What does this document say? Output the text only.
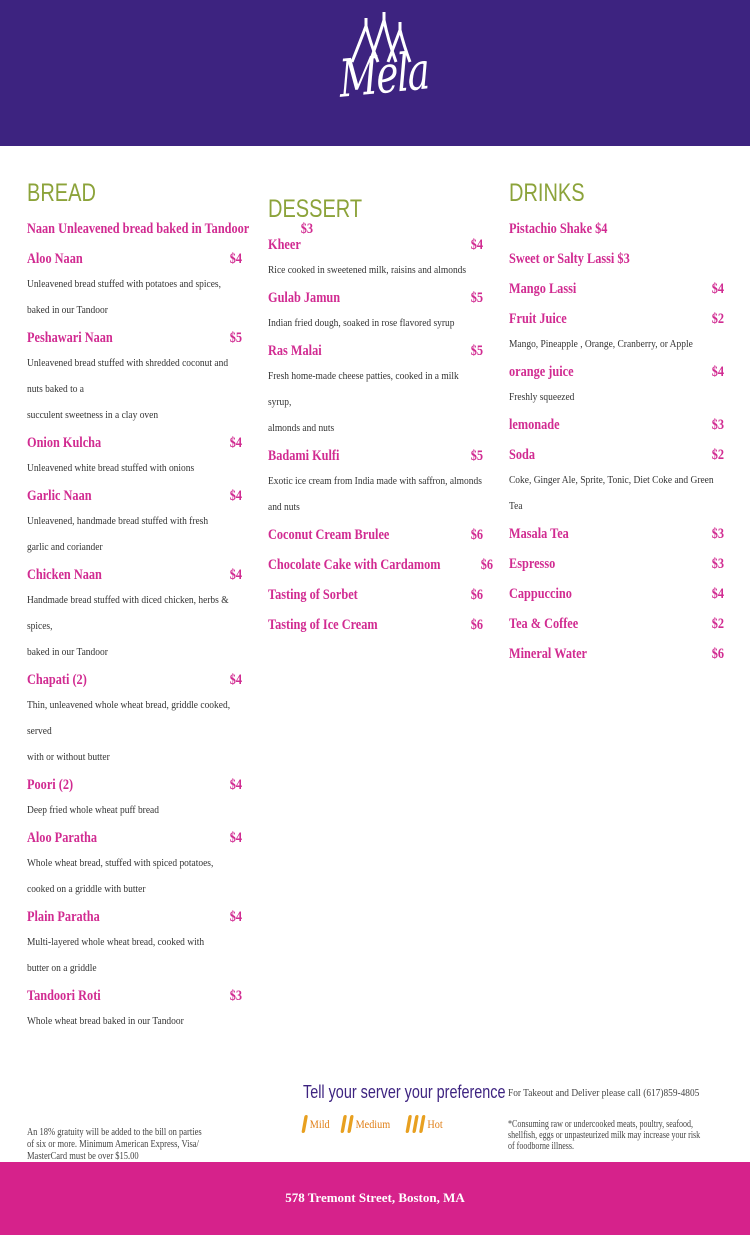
Mela
BREAD
Naan Unleavened bread baked in Tandoor	$3
Aloo Naan	$4
Unleavened bread stuffed with potatoes and spices, baked in our Tandoor
Peshawari Naan	$5
Unleavened bread stuffed with shredded coconut and nuts baked to a
succulent sweetness in a clay oven
Onion Kulcha	$4
Unleavened white bread stuffed with onions
Garlic Naan	$4
Unleavened, handmade bread stuffed with fresh
garlic and coriander
Chicken Naan	$4
Handmade bread stuffed with diced chicken, herbs & spices,
baked in our Tandoor
Chapati (2)	$4
Thin, unleavened whole wheat bread, griddle cooked, served
with or without butter
Poori (2)	$4
Deep fried whole wheat puff bread
Aloo Paratha	$4
Whole wheat bread, stuffed with spiced potatoes,
cooked on a griddle with butter
Plain Paratha	$4
Multi-layered whole wheat bread, cooked with
butter on a griddle
Tandoori Roti	$3
Whole wheat bread baked in our Tandoor
DESSERT
Kheer	$4
Rice cooked in sweetened milk, raisins and almonds
Gulab Jamun	$5
Indian fried dough, soaked in rose flavored syrup
Ras Malai	$5
Fresh home-made cheese patties, cooked in a milk syrup,
almonds and nuts
Badami Kulfi	$5
Exotic ice cream from India made with saffron, almonds and nuts
Coconut Cream Brulee	$6
Chocolate Cake with Cardamom	$6
Tasting of Sorbet	$6
Tasting of Ice Cream	$6
DRINKS
Pistachio Shake $4
Sweet or Salty Lassi $3
Mango Lassi	$4
Fruit Juice	$2
Mango, Pineapple , Orange, Cranberry, or Apple
orange juice	$4
Freshly squeezed
lemonade	$3
Soda	$2
Coke, Ginger Ale, Sprite, Tonic, Diet Coke and Green Tea
Masala Tea	$3
Espresso	$3
Cappuccino	$4
Tea & Coffee	$2
Mineral Water	$6
Tell your server your preference
Mild Medium	Hot
An 18% gratuity will be added to the bill on parties of six or more. Minimum American Express, Visa/ MasterCard must be over $15.00
For Takeout and Deliver please call (617)859-4805
*Consuming raw or undercooked meats, poultry, seafood, shellfish, eggs or unpasteurized milk may increase your risk of foodborne illness.
578 Tremont Street, Boston, MA
